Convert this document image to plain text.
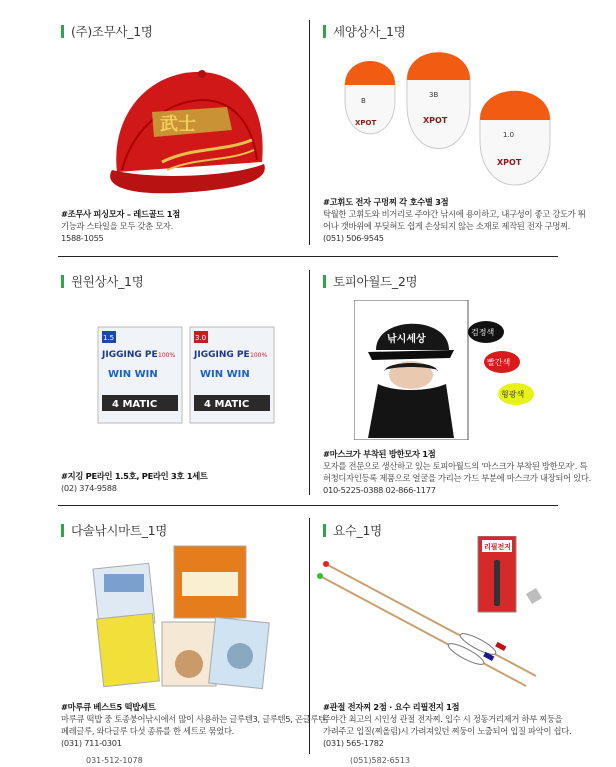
(주)조무사_1명
武士
#조무사 피싱모자 – 레드골드 1점
기능과 스타일을 모두 갖춘 모자.
1588-1055
세양상사_1명
B
XPOT
3B
XPOT
1.0
XPOT
#고휘도 전자 구멍찌 각 호수별 3점
탁월한 고휘도와 비거리로 주야간 낚시에 용이하고, 내구성이 좋고 강도가 뛰
어나 갯바위에 부딪혀도 쉽게 손상되지 않는 소재로 제작된 전자 구멍찌.
(051) 506-9545
원원상사_1명
1.5
JIGGING PE 100%
WIN WIN
4 MATIC
3.0
JIGGING PE 100%
WIN WIN
4 MATIC
#지깅 PE라인 1.5호, PE라인 3호 1세트
(02) 374-9588
토피아월드_2명
낚시세상
검정색
빨간색
형광색
#마스크가 부착된 방한모자 1점
모자를 전문으로 생산하고 있는 토피아월드의 '마스크가 부착된 방한모자'. 특
허청디자인등록 제품으로 얼굴을 가리는 가드 부분에 마스크가 내장되어 있다.
010-5225-0388 02-866-1177
다솔낚시마트_1명
#마루큐 베스트5 떡밥세트
마루큐 떡밥 중 토종붕어낚시에서 많이 사용하는 글루텐3, 글루텐5, 곤글루텐,
페레글루, 와다글루 다섯 종류를 한 세트로 묶었다.
(031) 711-0301
요수_1명
리필전지
#관절 전자찌 2점 · 요수 리필전지 1점
주야간 최고의 시인성 관절 전자찌. 입수 시 정동거리제거 하부 찌둥을
가려주고 입질(찌올림)시 가려져있던 찌둥이 노출되어 입질 파악이 쉽다.
(031) 565-1782
031-512-1078	(051)582-6513
